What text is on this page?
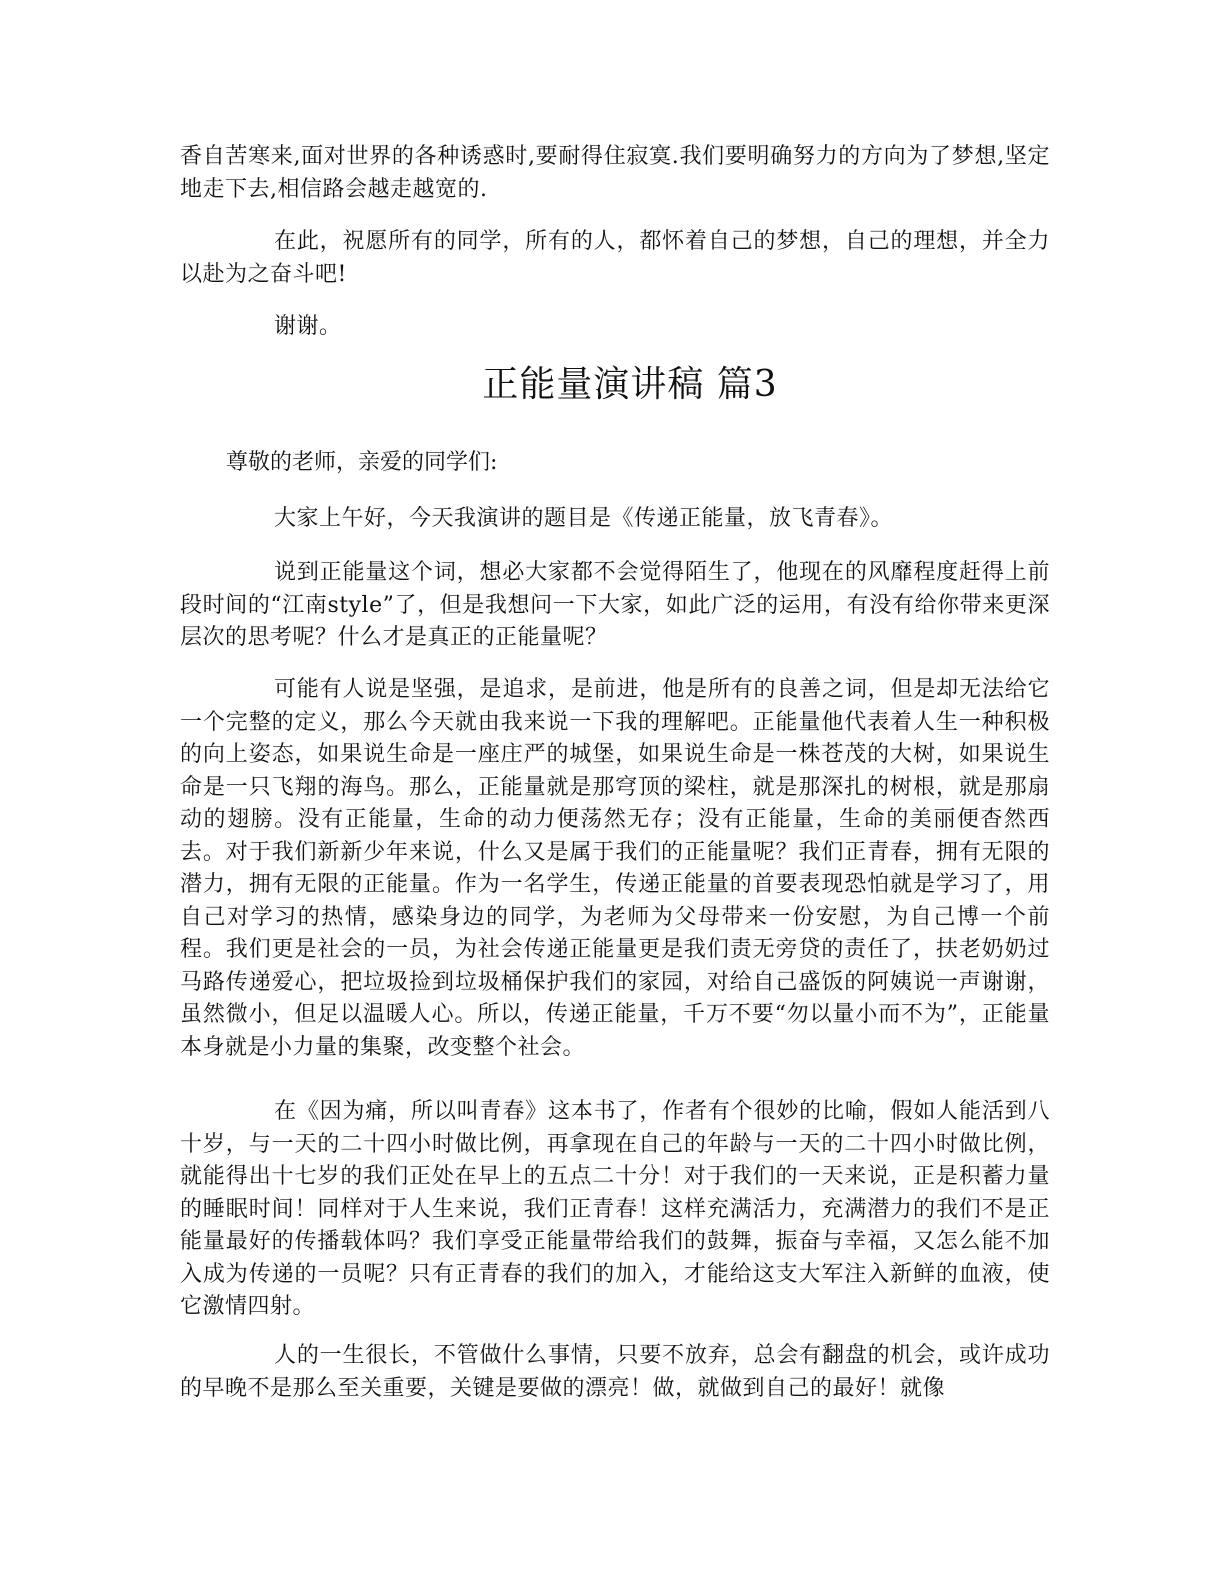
香自苦寒来,面对世界的各种诱惑时,要耐得住寂寞.我们要明确努力的方向为了梦想,坚定地走下去,相信路会越走越宽的.

在此，祝愿所有的同学，所有的人，都怀着自己的梦想，自己的理想，并全力以赴为之奋斗吧!

谢谢。

正能量演讲稿 篇3

尊敬的老师，亲爱的同学们:

大家上午好，今天我演讲的题目是《传递正能量，放飞青春》。

说到正能量这个词，想必大家都不会觉得陌生了，他现在的风靡程度赶得上前段时间的“江南style”了，但是我想问一下大家，如此广泛的运用，有没有给你带来更深层次的思考呢？什么才是真正的正能量呢？

可能有人说是坚强，是追求，是前进，他是所有的良善之词，但是却无法给它一个完整的定义，那么今天就由我来说一下我的理解吧。正能量他代表着人生一种积极的向上姿态，如果说生命是一座庄严的城堡，如果说生命是一株苍茂的大树，如果说生命是一只飞翔的海鸟。那么，正能量就是那穹顶的梁柱，就是那深扎的树根，就是那扇动的翅膀。没有正能量，生命的动力便荡然无存；没有正能量，生命的美丽便杳然西去。对于我们新新少年来说，什么又是属于我们的正能量呢？我们正青春，拥有无限的潜力，拥有无限的正能量。作为一名学生，传递正能量的首要表现恐怕就是学习了，用自己对学习的热情，感染身边的同学，为老师为父母带来一份安慰，为自己博一个前程。我们更是社会的一员，为社会传递正能量更是我们责无旁贷的责任了，扶老奶奶过马路传递爱心，把垃圾捡到垃圾桶保护我们的家园，对给自己盛饭的阿姨说一声谢谢，虽然微小，但足以温暖人心。所以，传递正能量，千万不要“勿以量小而不为”，正能量本身就是小力量的集聚，改变整个社会。

在《因为痛，所以叫青春》这本书了，作者有个很妙的比喻，假如人能活到八十岁，与一天的二十四小时做比例，再拿现在自己的年龄与一天的二十四小时做比例，就能得出十七岁的我们正处在早上的五点二十分！对于我们的一天来说，正是积蓄力量的睡眠时间！同样对于人生来说，我们正青春！这样充满活力，充满潜力的我们不是正能量最好的传播载体吗？我们享受正能量带给我们的鼓舞，振奋与幸福，又怎么能不加入成为传递的一员呢？只有正青春的我们的加入，才能给这支大军注入新鲜的血液，使它激情四射。

人的一生很长，不管做什么事情，只要不放弃，总会有翻盘的机会，或许成功的早晚不是那么至关重要，关键是要做的漂亮！做，就做到自己的最好！就像
